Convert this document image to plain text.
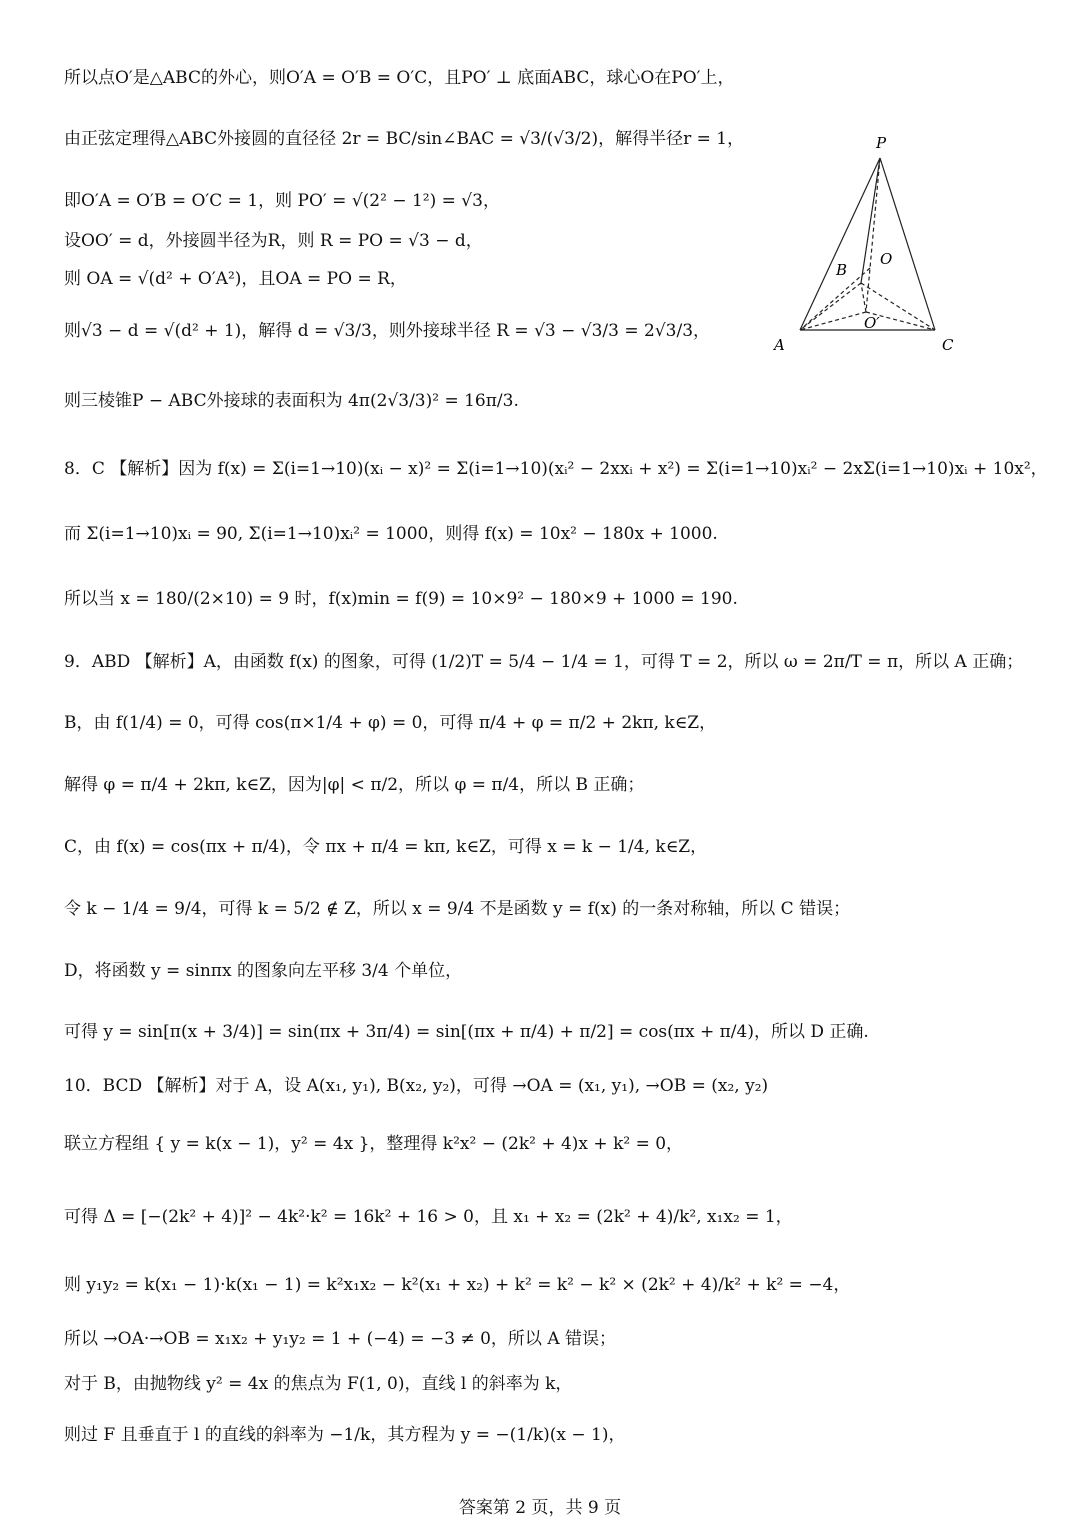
所以点O′是△ABC的外心，则O′A = O′B = O′C，且PO′ ⊥ 底面ABC，球心O在PO′上，
由正弦定理得△ABC外接圆的直径径 2r = BC/sin∠BAC = √3/(√3/2)，解得半径r = 1，
即O′A = O′B = O′C = 1，则 PO′ = √(2² − 1²) = √3，
设OO′ = d，外接圆半径为R，则 R = PO = √3 − d，
则 OA = √(d² + O′A²)，且OA = PO = R，
则√3 − d = √(d² + 1)，解得 d = √3/3，则外接球半径 R = √3 − √3/3 = 2√3/3，
则三棱锥P − ABC外接球的表面积为 4π(2√3/3)² = 16π/3.
8．C 【解析】因为 f(x) = Σ(i=1→10)(xᵢ − x)² = Σ(i=1→10)(xᵢ² − 2xxᵢ + x²) = Σ(i=1→10)xᵢ² − 2xΣ(i=1→10)xᵢ + 10x²，
而 Σ(i=1→10)xᵢ = 90, Σ(i=1→10)xᵢ² = 1000，则得 f(x) = 10x² − 180x + 1000.
所以当 x = 180/(2×10) = 9 时，f(x)min = f(9) = 10×9² − 180×9 + 1000 = 190.
9．ABD 【解析】A，由函数 f(x) 的图象，可得 (1/2)T = 5/4 − 1/4 = 1，可得 T = 2，所以 ω = 2π/T = π，所以 A 正确；
B，由 f(1/4) = 0，可得 cos(π×1/4 + φ) = 0，可得 π/4 + φ = π/2 + 2kπ, k∈Z，
解得 φ = π/4 + 2kπ, k∈Z，因为|φ| < π/2，所以 φ = π/4，所以 B 正确；
C，由 f(x) = cos(πx + π/4)，令 πx + π/4 = kπ, k∈Z，可得 x = k − 1/4, k∈Z，
令 k − 1/4 = 9/4，可得 k = 5/2 ∉ Z，所以 x = 9/4 不是函数 y = f(x) 的一条对称轴，所以 C 错误；
D，将函数 y = sinπx 的图象向左平移 3/4 个单位，
可得 y = sin[π(x + 3/4)] = sin(πx + 3π/4) = sin[(πx + π/4) + π/2] = cos(πx + π/4)，所以 D 正确.
10．BCD 【解析】对于 A，设 A(x₁, y₁), B(x₂, y₂)，可得 →OA = (x₁, y₁), →OB = (x₂, y₂)
联立方程组 { y = k(x − 1)，y² = 4x }，整理得 k²x² − (2k² + 4)x + k² = 0，
可得 Δ = [−(2k² + 4)]² − 4k²·k² = 16k² + 16 > 0，且 x₁ + x₂ = (2k² + 4)/k², x₁x₂ = 1，
则 y₁y₂ = k(x₁ − 1)·k(x₁ − 1) = k²x₁x₂ − k²(x₁ + x₂) + k² = k² − k² × (2k² + 4)/k² + k² = −4，
所以 →OA·→OB = x₁x₂ + y₁y₂ = 1 + (−4) = −3 ≠ 0，所以 A 错误；
对于 B，由抛物线 y² = 4x 的焦点为 F(1, 0)，直线 l 的斜率为 k，
则过 F 且垂直于 l 的直线的斜率为 −1/k，其方程为 y = −(1/k)(x − 1)，
P
A	C
B
O
O′
答案第 2 页，共 9 页
